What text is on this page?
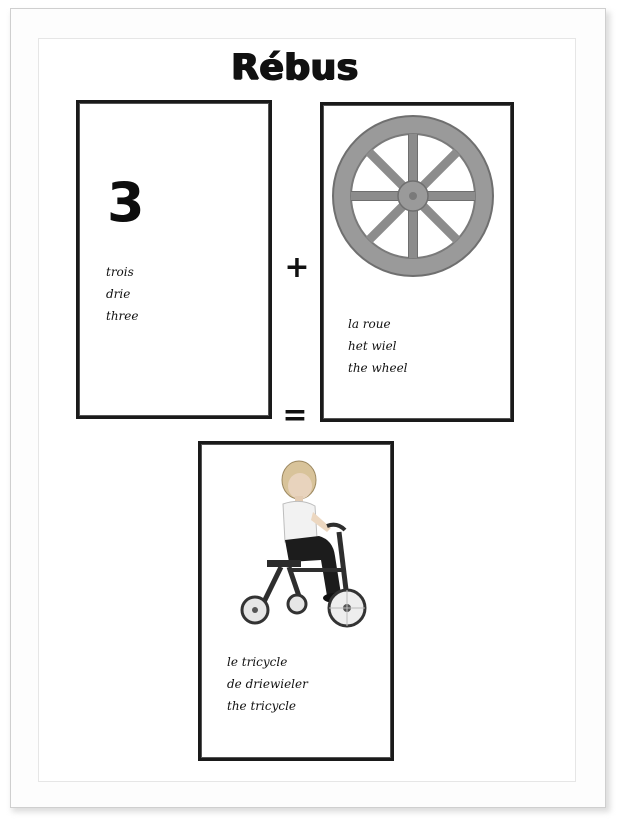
Rébus
3
trois
drie
three
+
la roue
het wiel
the wheel
=
le tricycle
de driewieler
the tricycle
